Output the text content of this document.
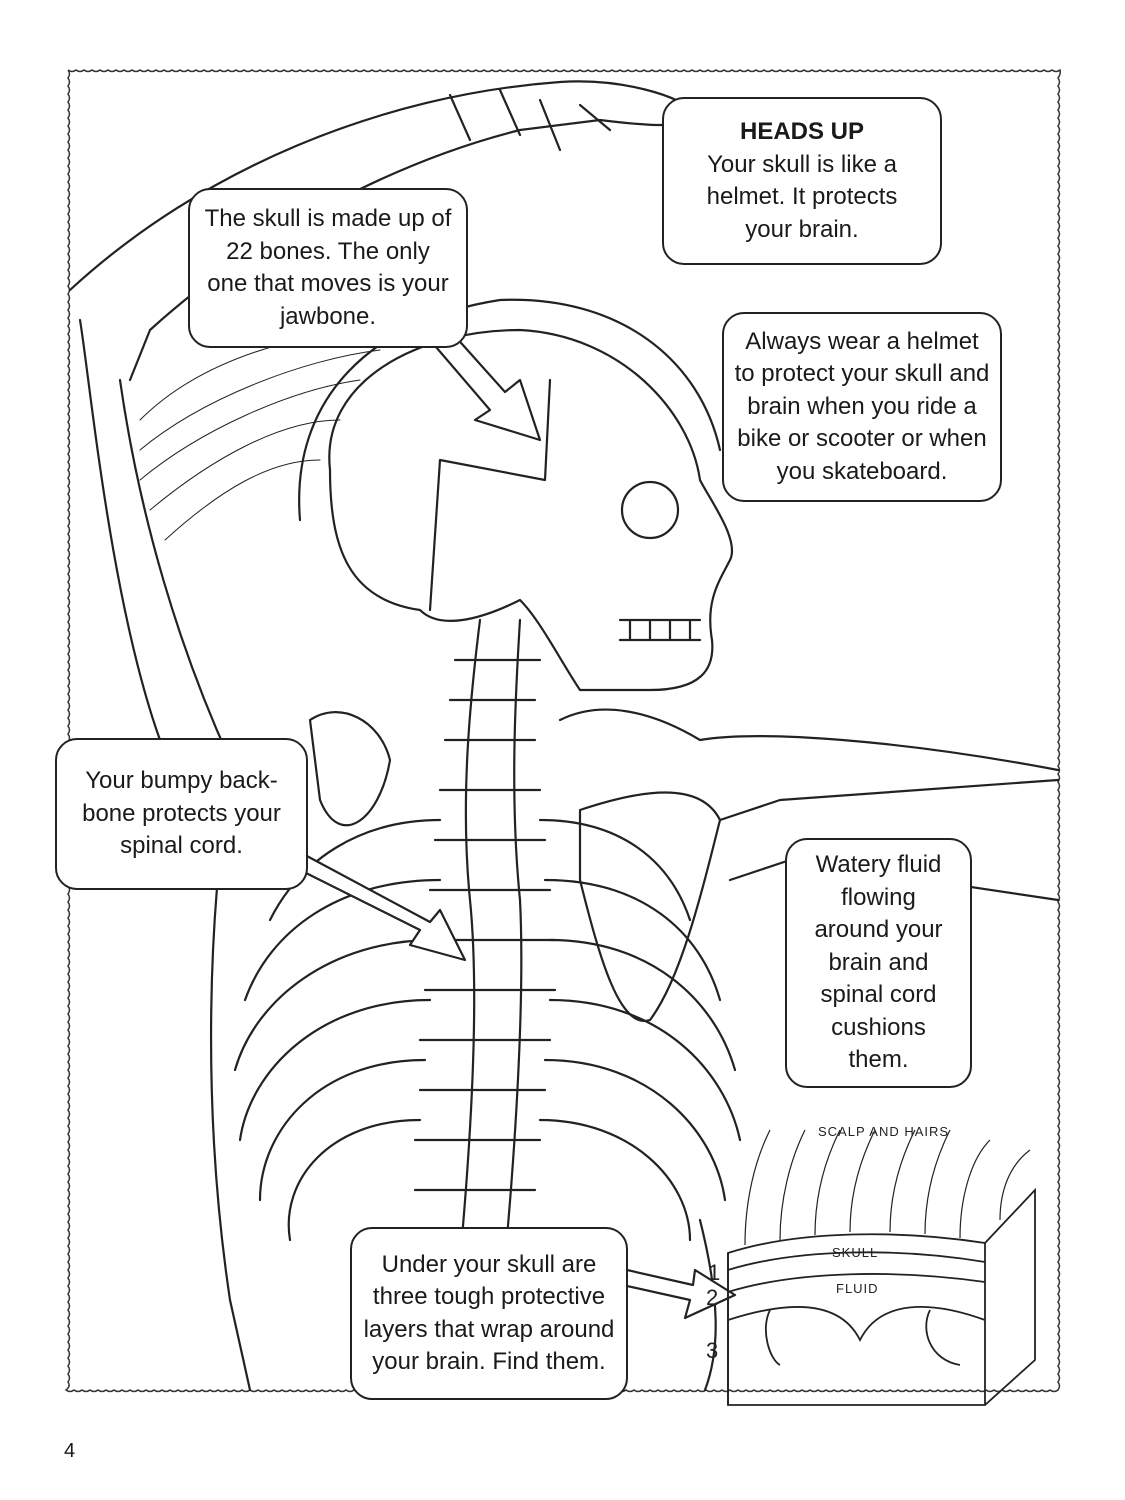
SCALP AND HAIRS
SKULL
FLUID
1
2
3
HEADS UP
Your skull is like a helmet. It protects your brain.
The skull is made up of 22 bones. The only one that moves is your jawbone.
Always wear a helmet to protect your skull and brain when you ride a bike or scooter or when you skateboard.
Your bumpy back-bone protects your spinal cord.
Watery fluid flowing around your brain and spinal cord cushions them.
Under your skull are three tough protective layers that wrap around your brain. Find them.
4
